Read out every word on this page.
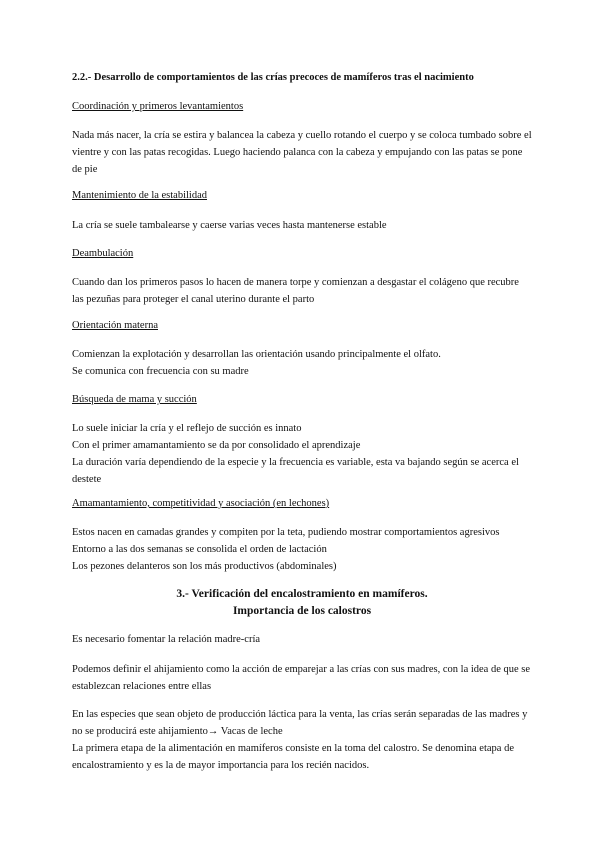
2.2.- Desarrollo de comportamientos de las crías precoces de mamíferos tras el nacimiento

Coordinación y primeros levantamientos

Nada más nacer, la cría se estira y balancea la cabeza y cuello rotando el cuerpo y se coloca tumbado sobre el vientre y con las patas recogidas. Luego haciendo palanca con la cabeza y empujando con las patas se pone de pie

Mantenimiento de la estabilidad

La cría se suele tambalearse y caerse varias veces hasta mantenerse estable

Deambulación

Cuando dan los primeros pasos lo hacen de manera torpe y comienzan a desgastar el colágeno que recubre las pezuñas para proteger el canal uterino durante el parto

Orientación materna

Comienzan la explotación y desarrollan las orientación usando principalmente el olfato.
Se comunica con frecuencia con su madre

Búsqueda de mama y succión

Lo suele iniciar la cría y el reflejo de succión es innato
Con el primer amamantamiento se da por consolidado el aprendizaje
La duración varía dependiendo de la especie y la frecuencia es variable, esta va bajando según se acerca el destete

Amamantamiento, competitividad y asociación (en lechones)

Estos nacen en camadas grandes y compiten por la teta, pudiendo mostrar comportamientos agresivos
Entorno a las dos semanas se consolida el orden de lactación
Los pezones delanteros son los más productivos (abdominales)

3.- Verificación del encalostramiento en mamíferos.
Importancia de los calostros

Es necesario fomentar la relación madre-cría

Podemos definir el ahijamiento como la acción de emparejar a las crías con sus madres, con la idea de que se establezcan relaciones entre ellas

En las especies que sean objeto de producción láctica para la venta, las crías serán separadas de las madres y no se producirá este ahijamiento→ Vacas de leche
La primera etapa de la alimentación en mamíferos consiste en la toma del calostro. Se denomina etapa de encalostramiento y es la de mayor importancia para los recién nacidos.
